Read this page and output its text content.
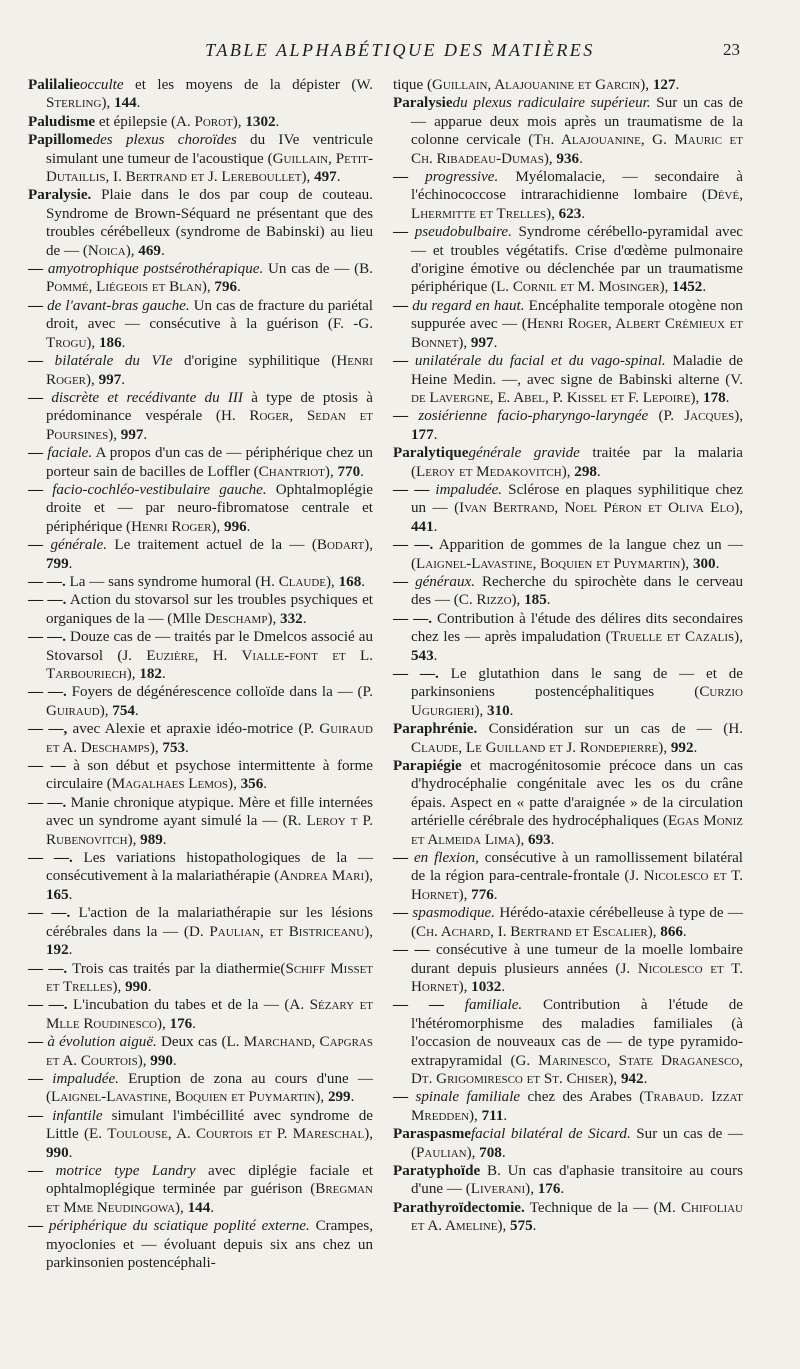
TABLE ALPHABÉTIQUE DES MATIÈRES	23

Palilalieocculte et les moyens de la dépister (W. Sterling), 144.

Paludisme et épilepsie (A. Porot), 1302.

Papillomedes plexus choroïdes du IVe ventricule simulant une tumeur de l'acoustique (Guillain, Petit-Dutaillis, I. Bertrand et J. Lereboullet), 497.

Paralysie. Plaie dans le dos par coup de couteau. Syndrome de Brown-Séquard ne présentant que des troubles cérébelleux (syndrome de Babinski) au lieu de — (Noica), 469.

— amyotrophique postsérothérapique. Un cas de — (B. Pommé, Liégeois et Blan), 796.

— de l'avant-bras gauche. Un cas de fracture du pariétal droit, avec — consécutive à la guérison (F. -G. Trogu), 186.

— bilatérale du VIe d'origine syphilitique (Henri Roger), 997.

— discrète et recédivante du III à type de ptosis à prédominance vespérale (H. Roger, Sedan et Poursines), 997.

— faciale. A propos d'un cas de — périphérique chez un porteur sain de bacilles de Loffler (Chantriot), 770.

— facio-cochléo-vestibulaire gauche. Ophtalmoplégie droite et — par neuro-fibromatose centrale et périphérique (Henri Roger), 996.

— générale. Le traitement actuel de la — (Bodart), 799.

— —. La — sans syndrome humoral (H. Claude), 168.

— —. Action du stovarsol sur les troubles psychiques et organiques de la — (Mlle Deschamp), 332.

— —. Douze cas de — traités par le Dmelcos associé au Stovarsol (J. Euzière, H. Vialle-font et L. Tarbouriech), 182.

— —. Foyers de dégénérescence colloïde dans la — (P. Guiraud), 754.

— —, avec Alexie et apraxie idéo-motrice (P. Guiraud et A. Deschamps), 753.

— — à son début et psychose intermittente à forme circulaire (Magalhaes Lemos), 356.

— —. Manie chronique atypique. Mère et fille internées avec un syndrome ayant simulé la — (R. Leroy t P. Rubenovitch), 989.

— —. Les variations histopathologiques de la — consécutivement à la malariathérapie (Andrea Mari), 165.

— —. L'action de la malariathérapie sur les lésions cérébrales dans la — (D. Paulian, et Bistriceanu), 192.

— —. Trois cas traités par la diathermie(Schiff Misset et Trelles), 990.

— —. L'incubation du tabes et de la — (A. Sézary et Mlle Roudinesco), 176.

— à évolution aiguë. Deux cas (L. Marchand, Capgras et A. Courtois), 990.

— impaludée. Eruption de zona au cours d'une — (Laignel-Lavastine, Boquien et Puymartin), 299.

— infantile simulant l'imbécillité avec syndrome de Little (E. Toulouse, A. Courtois et P. Mareschal), 990.

— motrice type Landry avec diplégie faciale et ophtalmoplégique terminée par guérison (Bregman et Mme Neudingowa), 144.

— périphérique du sciatique poplité externe. Crampes, myoclonies et — évoluant depuis six ans chez un parkinsonien postencéphali-

tique (Guillain, Alajouanine et Garcin), 127.

Paralysiedu plexus radiculaire supérieur. Sur un cas de — apparue deux mois après un traumatisme de la colonne cervicale (Th. Alajouanine, G. Mauric et Ch. Ribadeau-Dumas), 936.

— progressive. Myélomalacie, — secondaire à l'échinococcose intrarachidienne lombaire (Dévé, Lhermitte et Trelles), 623.

— pseudobulbaire. Syndrome cérébello-pyramidal avec — et troubles végétatifs. Crise d'œdème pulmonaire d'origine émotive ou déclenchée par un traumatisme périphérique (L. Cornil et M. Mosinger), 1452.

— du regard en haut. Encéphalite temporale otogène non suppurée avec — (Henri Roger, Albert Crémieux et Bonnet), 997.

— unilatérale du facial et du vago-spinal. Maladie de Heine Medin. —, avec signe de Babinski alterne (V. de Lavergne, E. Abel, P. Kissel et F. Lepoire), 178.

— zosiérienne facio-pharyngo-laryngée (P. Jacques), 177.

Paralytiquegénérale gravide traitée par la malaria (Leroy et Medakovitch), 298.

— — impaludée. Sclérose en plaques syphilitique chez un — (Ivan Bertrand, Noel Péron et Oliva Elo), 441.

— —. Apparition de gommes de la langue chez un — (Laignel-Lavastine, Boquien et Puymartin), 300.

— généraux. Recherche du spirochète dans le cerveau des — (C. Rizzo), 185.

— —. Contribution à l'étude des délires dits secondaires chez les — après impaludation (Truelle et Cazalis), 543.

— —. Le glutathion dans le sang de — et de parkinsoniens postencéphalitiques (Curzio Ugurgieri), 310.

Paraphrénie. Considération sur un cas de — (H. Claude, Le Guilland et J. Rondepierre), 992.

Parapiégie et macrogénitosomie précoce dans un cas d'hydrocéphalie congénitale avec les os du crâne épais. Aspect en « patte d'araignée » de la circulation artérielle cérébrale des hydrocéphaliques (Egas Moniz et Almeida Lima), 693.

— en flexion, consécutive à un ramollissement bilatéral de la région para-centrale-frontale (J. Nicolesco et T. Hornet), 776.

— spasmodique. Hérédo-ataxie cérébelleuse à type de — (Ch. Achard, I. Bertrand et Escalier), 866.

— — consécutive à une tumeur de la moelle lombaire durant depuis plusieurs années (J. Nicolesco et T. Hornet), 1032.

— — familiale. Contribution à l'étude de l'hétéromorphisme des maladies familiales (à l'occasion de nouveaux cas de — de type pyramido-extrapyramidal (G. Marinesco, State Draganesco, Dt. Grigomiresco et St. Chiser), 942.

— spinale familiale chez des Arabes (Trabaud. Izzat Mredden), 711.

Paraspasmefacial bilatéral de Sicard. Sur un cas de — (Paulian), 708.

Paratyphoïde B. Un cas d'aphasie transitoire au cours d'une — (Liverani), 176.

Parathyroïdectomie. Technique de la — (M. Chifoliau et A. Ameline), 575.
